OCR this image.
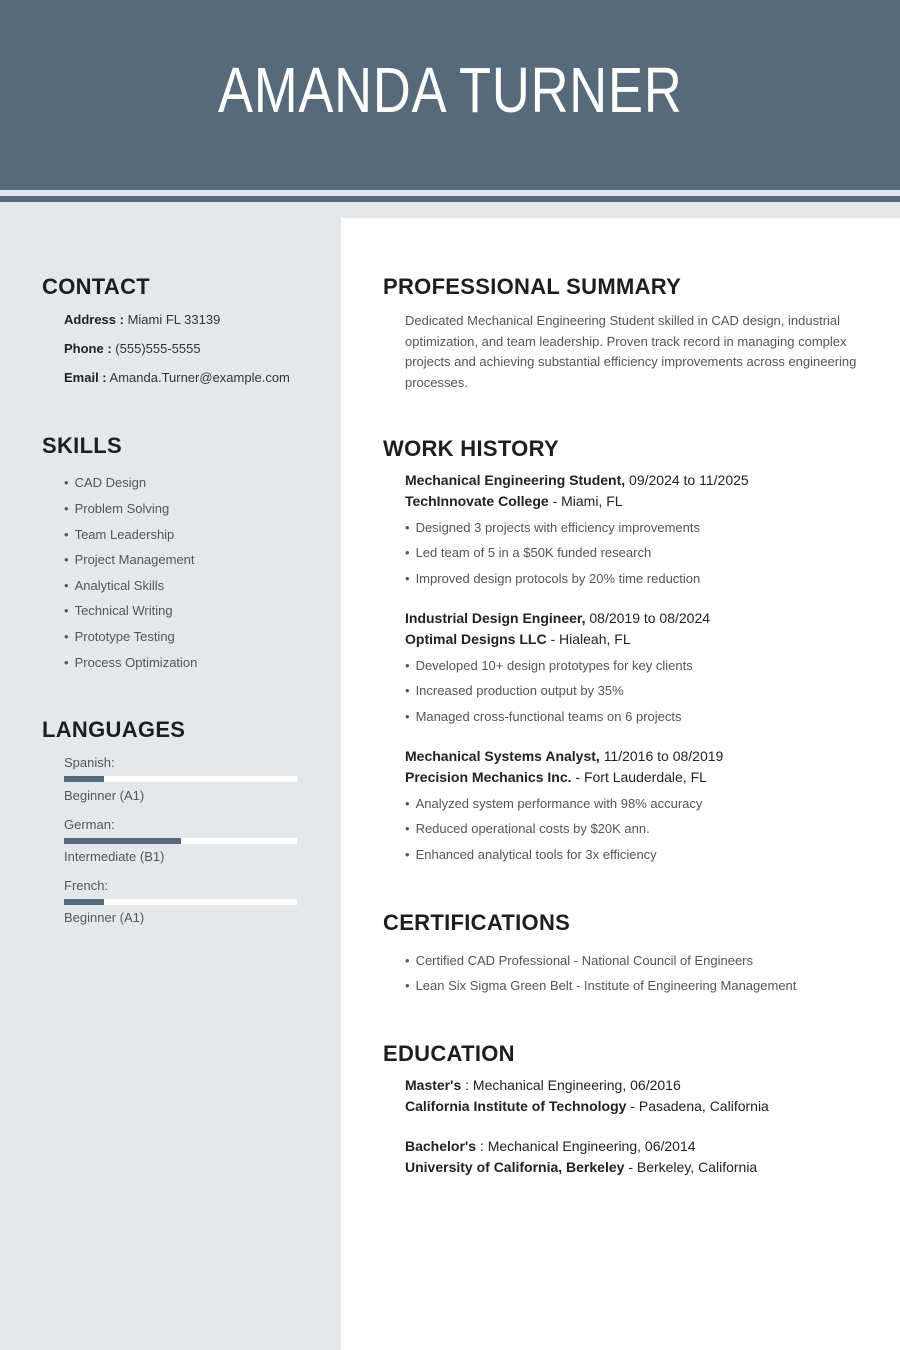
AMANDA TURNER
CONTACT
Address : Miami FL 33139
Phone : (555)555-5555
Email : Amanda.Turner@example.com
SKILLS
• CAD Design
• Problem Solving
• Team Leadership
• Project Management
• Analytical Skills
• Technical Writing
• Prototype Testing
• Process Optimization
LANGUAGES
Spanish:
Beginner (A1)
German:
Intermediate (B1)
French:
Beginner (A1)
PROFESSIONAL SUMMARY
Dedicated Mechanical Engineering Student skilled in CAD design, industrial optimization, and team leadership. Proven track record in managing complex projects and achieving substantial efficiency improvements across engineering processes.
WORK HISTORY
Mechanical Engineering Student, 09/2024 to 11/2025
TechInnovate College - Miami, FL
• Designed 3 projects with efficiency improvements
• Led team of 5 in a $50K funded research
• Improved design protocols by 20% time reduction
Industrial Design Engineer, 08/2019 to 08/2024
Optimal Designs LLC - Hialeah, FL
• Developed 10+ design prototypes for key clients
• Increased production output by 35%
• Managed cross-functional teams on 6 projects
Mechanical Systems Analyst, 11/2016 to 08/2019
Precision Mechanics Inc. - Fort Lauderdale, FL
• Analyzed system performance with 98% accuracy
• Reduced operational costs by $20K ann.
• Enhanced analytical tools for 3x efficiency
CERTIFICATIONS
• Certified CAD Professional - National Council of Engineers
• Lean Six Sigma Green Belt - Institute of Engineering Management
EDUCATION
Master's : Mechanical Engineering, 06/2016
California Institute of Technology - Pasadena, California
Bachelor's : Mechanical Engineering, 06/2014
University of California, Berkeley - Berkeley, California
